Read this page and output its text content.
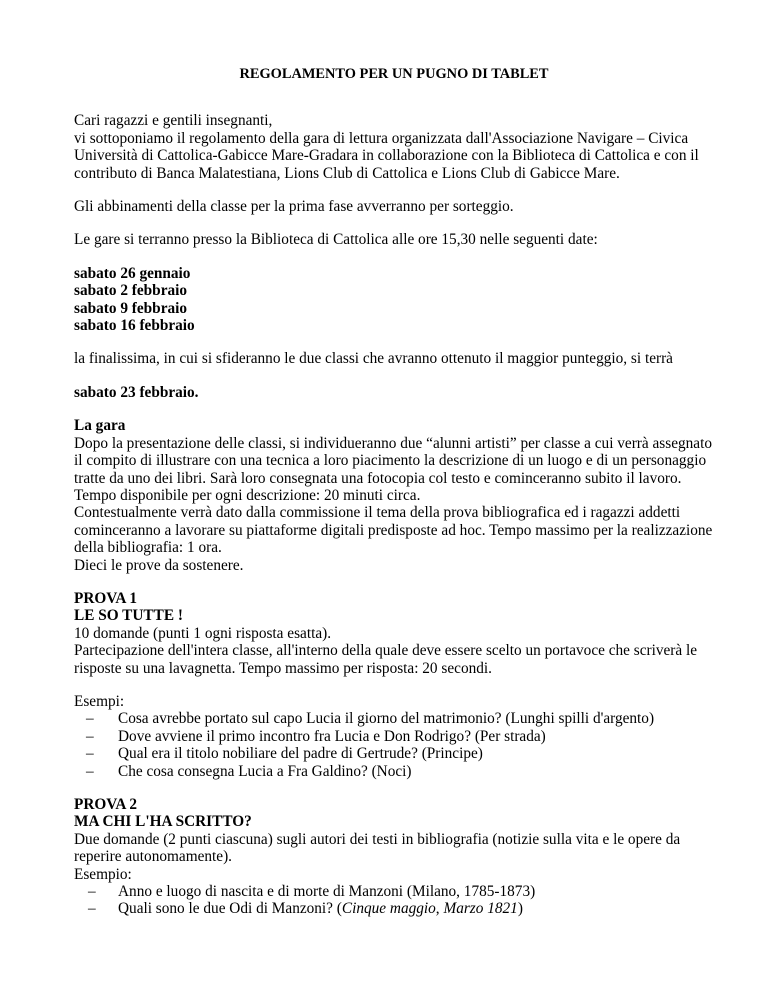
REGOLAMENTO PER UN PUGNO DI TABLET

Cari ragazzi e gentili insegnanti,

vi sottoponiamo il regolamento della gara di lettura organizzata dall'Associazione Navigare – Civica Università di Cattolica-Gabicce Mare-Gradara in collaborazione con la Biblioteca di Cattolica e con il contributo di Banca Malatestiana, Lions Club di Cattolica e Lions Club di Gabicce Mare.

Gli abbinamenti della classe per la prima fase avverranno per sorteggio.

Le gare si terranno presso la Biblioteca di Cattolica alle ore 15,30 nelle seguenti date:

sabato 26 gennaio

sabato 2 febbraio

sabato 9 febbraio

sabato 16 febbraio

la finalissima, in cui si sfideranno le due classi che avranno ottenuto il maggior punteggio, si terrà

sabato 23 febbraio.

La gara

Dopo la presentazione delle classi, si individueranno due “alunni artisti” per classe a cui verrà assegnato il compito di illustrare con una tecnica a loro piacimento la descrizione di un luogo e di un personaggio tratte da uno dei libri. Sarà loro consegnata una fotocopia col testo e cominceranno subito il lavoro. Tempo disponibile per ogni descrizione: 20 minuti circa.

Contestualmente verrà dato dalla commissione il tema della prova bibliografica ed i ragazzi addetti cominceranno a lavorare su piattaforme digitali predisposte ad hoc. Tempo massimo per la realizzazione della bibliografia: 1 ora.

Dieci le prove da sostenere.

PROVA 1

LE SO TUTTE !

10 domande (punti 1 ogni risposta esatta).

Partecipazione dell'intera classe, all'interno della quale deve essere scelto un portavoce che scriverà le risposte su una lavagnetta. Tempo massimo per risposta: 20 secondi.

Esempi:

– Cosa avrebbe portato sul capo Lucia il giorno del matrimonio? (Lunghi spilli d'argento)
– Dove avviene il primo incontro fra Lucia e Don Rodrigo? (Per strada)
– Qual era il titolo nobiliare del padre di Gertrude? (Principe)
– Che cosa consegna Lucia a Fra Galdino? (Noci)

PROVA 2

MA CHI L'HA SCRITTO?

Due domande (2 punti ciascuna) sugli autori dei testi in bibliografia (notizie sulla vita e le opere da reperire autonomamente).

Esempio:

– Anno e luogo di nascita e di morte di Manzoni (Milano, 1785-1873)
– Quali sono le due Odi di Manzoni? (Cinque maggio, Marzo 1821)
